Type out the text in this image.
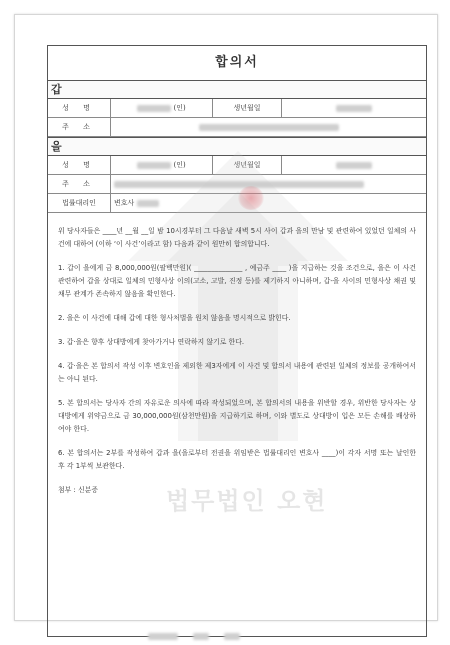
합의서
갑
성 명	(인)	생년월일	
주 소			
을
성 명	(인)	생년월일	
주 소			
법률대리인	변호사		
법무법인 오현

위 당사자들은 ____년 __월 __일 밤 10시경부터 그 다음날 새벽 5시 사이 갑과 을의 만남 및 관련하여 있었던 일체의 사건에 대하여 (이하 ‘이 사건’이라고 함) 다음과 같이 원만히 합의합니다.

1. 갑이 을에게 금 8,000,000원(팔백만원)( ______________ , 예금주 ____ )을 지급하는 것을 조건으로, 을은 이 사건 관련하여 갑을 상대로 일체의 민형사상 이의(고소, 고발, 진정 등)를 제기하지 아니하며, 갑-을 사이의 민형사상 채권 및 채무 관계가 존속하지 않음을 확인한다.

2. 을은 이 사건에 대해 갑에 대한 형사처벌을 원치 않음을 명시적으로 밝힌다.

3. 갑·을은 향후 상대방에게 찾아가거나 연락하지 않기로 한다.

4. 갑·을은 본 합의서 작성 이후 변호인을 제외한 제3자에게 이 사건 및 합의서 내용에 관련된 일체의 정보를 공개하여서는 아니 된다.

5. 본 합의서는 당사자 간의 자유로운 의사에 따라 작성되었으며, 본 합의서의 내용을 위반할 경우, 위반한 당사자는 상대방에게 위약금으로 금 30,000,000원(삼천만원)을 지급하기로 하며, 이와 별도로 상대방이 입은 모든 손해를 배상하여야 한다.

6. 본 합의서는 2부를 작성하여 갑과 을(을로부터 전권을 위임받은 법률대리인 변호사 ____)이 각자 서명 또는 날인한 후 각 1부씩 보관한다.

첨부 : 신분증
